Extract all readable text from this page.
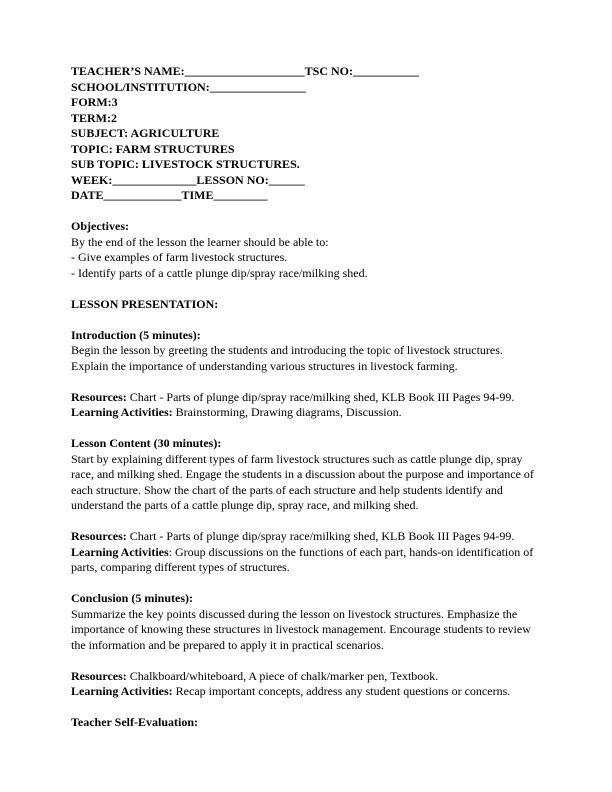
TEACHER’S NAME:____________________TSC NO:___________

SCHOOL/INSTITUTION:________________

FORM:3

TERM:2

SUBJECT: AGRICULTURE

TOPIC: FARM STRUCTURES

SUB TOPIC: LIVESTOCK STRUCTURES.

WEEK:______________LESSON NO:______

DATE_____________TIME_________

Objectives:

By the end of the lesson the learner should be able to:

- Give examples of farm livestock structures.

- Identify parts of a cattle plunge dip/spray race/milking shed.

LESSON PRESENTATION:

Introduction (5 minutes):

Begin the lesson by greeting the students and introducing the topic of livestock structures. Explain the importance of understanding various structures in livestock farming.

Resources: Chart - Parts of plunge dip/spray race/milking shed, KLB Book III Pages 94-99.

Learning Activities: Brainstorming, Drawing diagrams, Discussion.

Lesson Content (30 minutes):

Start by explaining different types of farm livestock structures such as cattle plunge dip, spray race, and milking shed. Engage the students in a discussion about the purpose and importance of each structure. Show the chart of the parts of each structure and help students identify and understand the parts of a cattle plunge dip, spray race, and milking shed.

Resources: Chart - Parts of plunge dip/spray race/milking shed, KLB Book III Pages 94-99.

Learning Activities: Group discussions on the functions of each part, hands-on identification of parts, comparing different types of structures.

Conclusion (5 minutes):

Summarize the key points discussed during the lesson on livestock structures. Emphasize the importance of knowing these structures in livestock management. Encourage students to review the information and be prepared to apply it in practical scenarios.

Resources: Chalkboard/whiteboard, A piece of chalk/marker pen, Textbook.

Learning Activities: Recap important concepts, address any student questions or concerns.

Teacher Self-Evaluation:
